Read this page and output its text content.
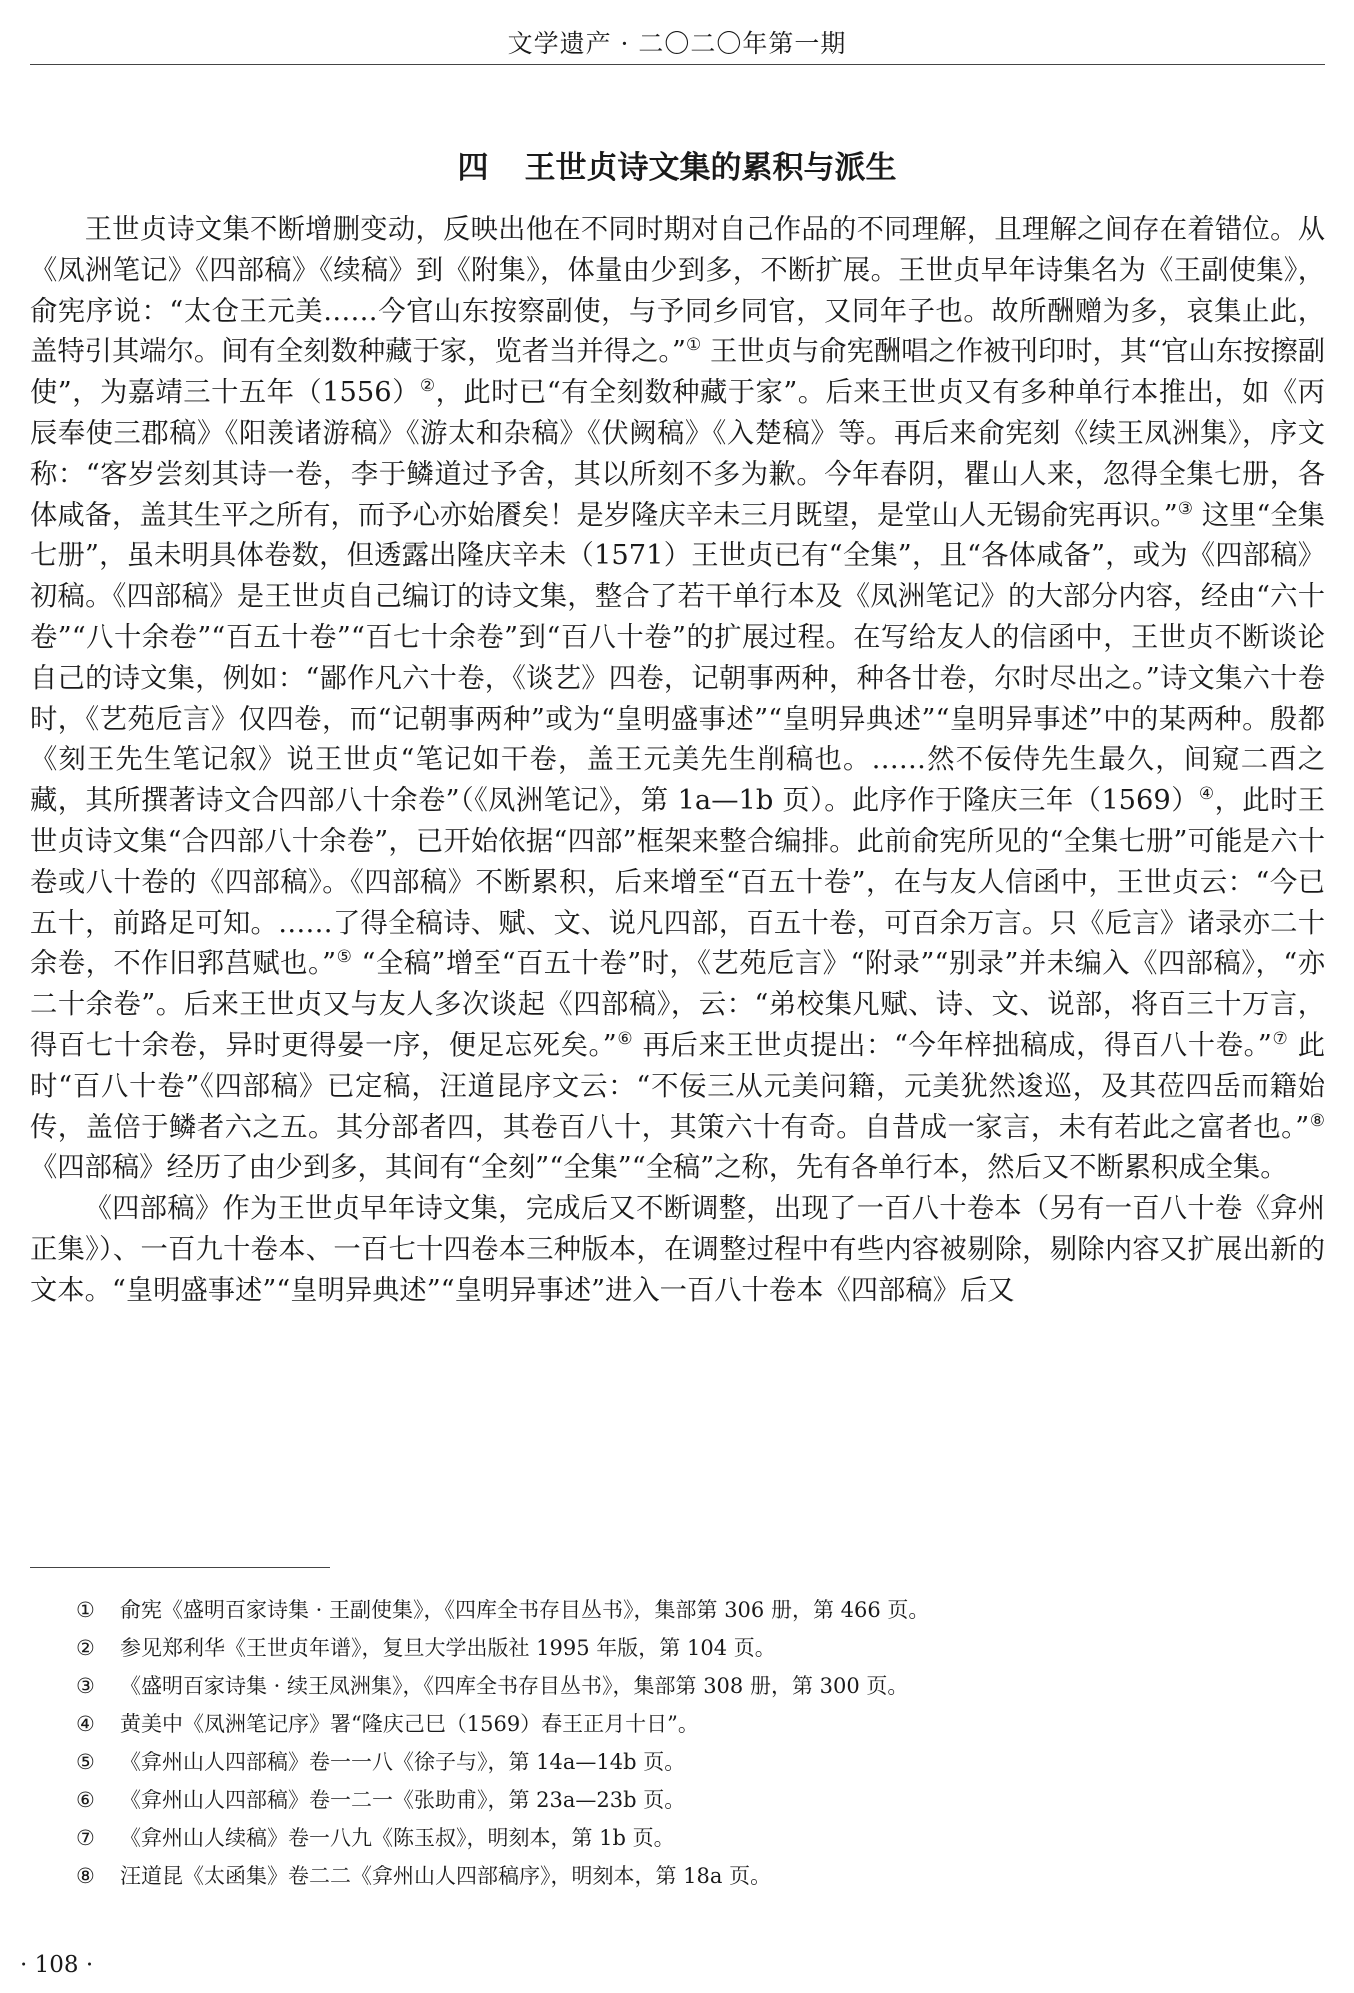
文学遗产 · 二〇二〇年第一期
四 王世贞诗文集的累积与派生

王世贞诗文集不断增删变动，反映出他在不同时期对自己作品的不同理解，且理解之间存在着错位。从《凤洲笔记》《四部稿》《续稿》到《附集》，体量由少到多，不断扩展。王世贞早年诗集名为《王副使集》，俞宪序说：“太仓王元美……今官山东按察副使，与予同乡同官，又同年子也。故所酬赠为多，哀集止此，盖特引其端尔。间有全刻数种藏于家，览者当并得之。”① 王世贞与俞宪酬唱之作被刊印时，其“官山东按擦副使”，为嘉靖三十五年（1556）②，此时已“有全刻数种藏于家”。后来王世贞又有多种单行本推出，如《丙辰奉使三郡稿》《阳羡诸游稿》《游太和杂稿》《伏阙稿》《入楚稿》等。再后来俞宪刻《续王凤洲集》，序文称：“客岁尝刻其诗一卷，李于鳞道过予舍，其以所刻不多为歉。今年春阴，瞿山人来，忽得全集七册，各体咸备，盖其生平之所有，而予心亦始餍矣！是岁隆庆辛未三月既望，是堂山人无锡俞宪再识。”③ 这里“全集七册”，虽未明具体卷数，但透露出隆庆辛未（1571）王世贞已有“全集”，且“各体咸备”，或为《四部稿》初稿。《四部稿》是王世贞自己编订的诗文集，整合了若干单行本及《凤洲笔记》的大部分内容，经由“六十卷”“八十余卷”“百五十卷”“百七十余卷”到“百八十卷”的扩展过程。在写给友人的信函中，王世贞不断谈论自己的诗文集，例如：“鄙作凡六十卷，《谈艺》四卷，记朝事两种，种各廿卷，尔时尽出之。”诗文集六十卷时，《艺苑卮言》仅四卷，而“记朝事两种”或为“皇明盛事述”“皇明异典述”“皇明异事述”中的某两种。殷都《刻王先生笔记叙》说王世贞“笔记如干卷，盖王元美先生削稿也。……然不佞侍先生最久，间窥二酉之藏，其所撰著诗文合四部八十余卷”（《凤洲笔记》，第 1a—1b 页）。此序作于隆庆三年（1569）④，此时王世贞诗文集“合四部八十余卷”，已开始依据“四部”框架来整合编排。此前俞宪所见的“全集七册”可能是六十卷或八十卷的《四部稿》。《四部稿》不断累积，后来增至“百五十卷”，在与友人信函中，王世贞云：“今已五十，前路足可知。……了得全稿诗、赋、文、说凡四部，百五十卷，可百余万言。只《卮言》诸录亦二十余卷，不作旧郛莒赋也。”⑤ “全稿”增至“百五十卷”时，《艺苑卮言》“附录”“别录”并未编入《四部稿》，“亦二十余卷”。后来王世贞又与友人多次谈起《四部稿》，云：“弟校集凡赋、诗、文、说部，将百三十万言，得百七十余卷，异时更得晏一序，便足忘死矣。”⑥ 再后来王世贞提出：“今年梓拙稿成，得百八十卷。”⑦ 此时“百八十卷”《四部稿》已定稿，汪道昆序文云：“不佞三从元美问籍，元美犹然逡巡，及其莅四岳而籍始传，盖倍于鳞者六之五。其分部者四，其卷百八十，其策六十有奇。自昔成一家言，未有若此之富者也。”⑧《四部稿》经历了由少到多，其间有“全刻”“全集”“全稿”之称，先有各单行本，然后又不断累积成全集。

《四部稿》作为王世贞早年诗文集，完成后又不断调整，出现了一百八十卷本（另有一百八十卷《弇州正集》）、一百九十卷本、一百七十四卷本三种版本，在调整过程中有些内容被剔除，剔除内容又扩展出新的文本。“皇明盛事述”“皇明异典述”“皇明异事述”进入一百八十卷本《四部稿》后又

① 俞宪《盛明百家诗集 · 王副使集》，《四库全书存目丛书》，集部第 306 册，第 466 页。
② 参见郑利华《王世贞年谱》，复旦大学出版社 1995 年版，第 104 页。
③ 《盛明百家诗集 · 续王凤洲集》，《四库全书存目丛书》，集部第 308 册，第 300 页。
④ 黄美中《凤洲笔记序》署“隆庆己巳（1569）春王正月十日”。
⑤ 《弇州山人四部稿》卷一一八《徐子与》，第 14a—14b 页。
⑥ 《弇州山人四部稿》卷一二一《张助甫》，第 23a—23b 页。
⑦ 《弇州山人续稿》卷一八九《陈玉叔》，明刻本，第 1b 页。
⑧ 汪道昆《太函集》卷二二《弇州山人四部稿序》，明刻本，第 18a 页。
· 108 ·
